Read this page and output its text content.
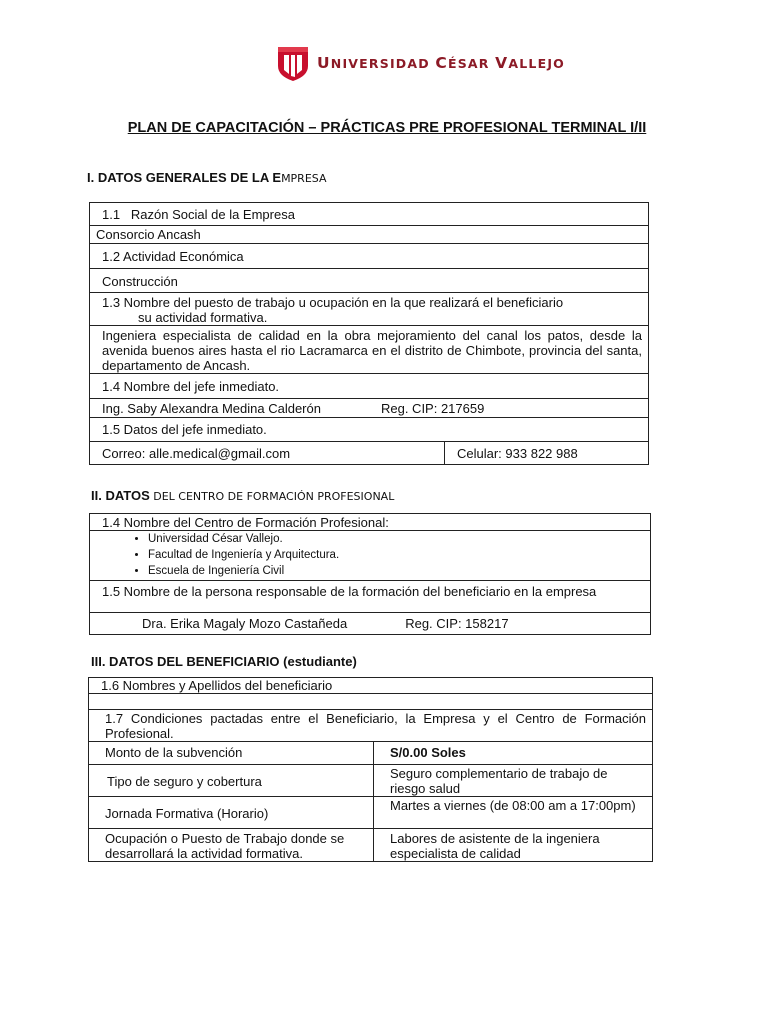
UNIVERSIDAD CÉSAR VALLEJO
PLAN DE CAPACITACIÓN – PRÁCTICAS PRE PROFESIONAL TERMINAL I/II
I. DATOS GENERALES DE LA EMPRESA
1.1 Razón Social de la Empresa
Consorcio Ancash
1.2 Actividad Económica
Construcción

1.3 Nombre del puesto de trabajo u ocupación en la que realizará el beneficiario
su actividad formativa.

Ingeniera especialista de calidad en la obra mejoramiento del canal los patos, desde la avenida buenos aires hasta el rio Lacramarca en el distrito de Chimbote, provincia del santa, departamento de Ancash.
1.4 Nombre del jefe inmediato.
Ing. Saby Alexandra Medina Calderón	Reg. CIP: 217659
1.5 Datos del jefe inmediato.
Correo: alle.medical@gmail.com	Celular: 933 822 988
II. DATOS DEL CENTRO DE FORMACIÓN PROFESIONAL
1.4 Nombre del Centro de Formación Profesional:

• Universidad César Vallejo.
• Facultad de Ingeniería y Arquitectura.
• Escuela de Ingeniería Civil

1.5 Nombre de la persona responsable de la formación del beneficiario en la empresa
Dra. Erika Magaly Mozo Castañeda	Reg. CIP: 158217
III. DATOS DEL BENEFICIARIO (estudiante)
1.6 Nombres y Apellidos del beneficiario	

1.7 Condiciones pactadas entre el Beneficiario, la Empresa y el Centro de Formación Profesional.	
Monto de la subvención	S/0.00 Soles
Tipo de seguro y cobertura	Seguro complementario de trabajo de riesgo salud
Jornada Formativa (Horario)	Martes a viernes (de 08:00 am a 17:00pm)
Ocupación o Puesto de Trabajo donde se desarrollará la actividad formativa.	Labores de asistente de la ingeniera especialista de calidad
